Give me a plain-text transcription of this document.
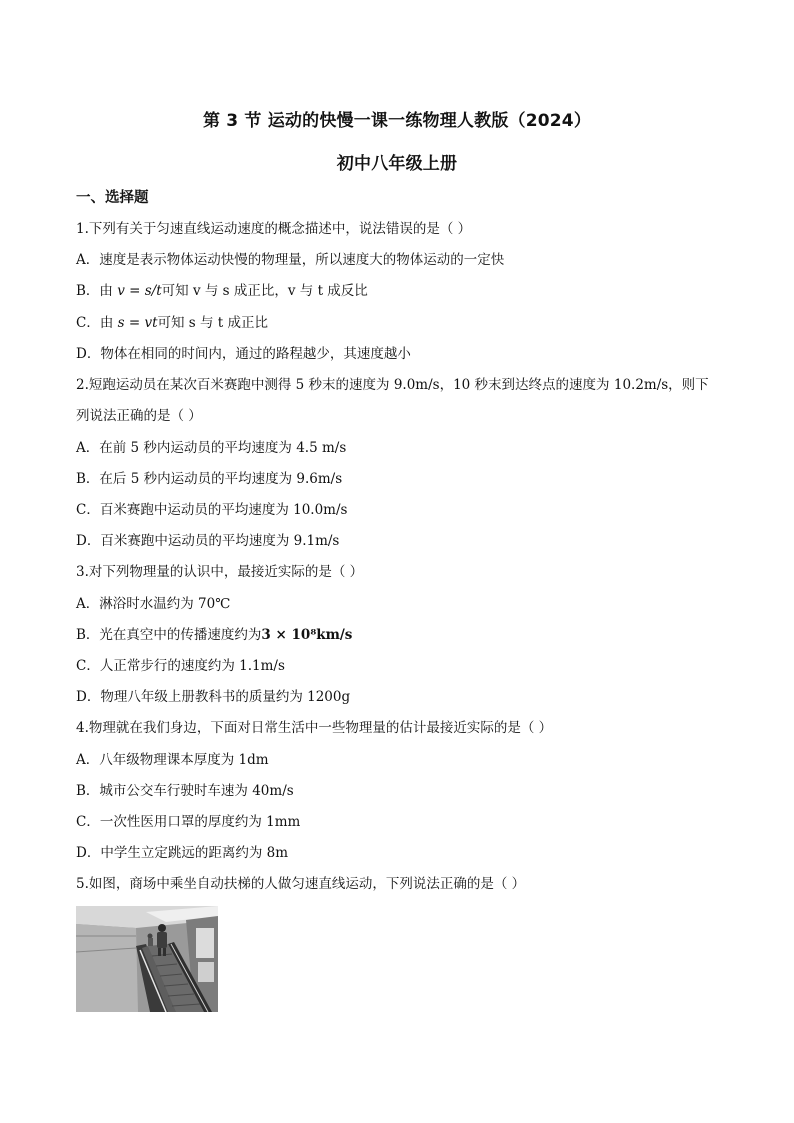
第 3 节 运动的快慢一课一练物理人教版（2024）
初中八年级上册
一、选择题
1.下列有关于匀速直线运动速度的概念描述中，说法错误的是（ ）
A．速度是表示物体运动快慢的物理量，所以速度大的物体运动的一定快
B．由 v = s/t可知 v 与 s 成正比，v 与 t 成反比
C．由 s = vt可知 s 与 t 成正比
D．物体在相同的时间内，通过的路程越少，其速度越小
2.短跑运动员在某次百米赛跑中测得 5 秒末的速度为 9.0m/s，10 秒末到达终点的速度为 10.2m/s，则下
列说法正确的是（ ）
A．在前 5 秒内运动员的平均速度为 4.5 m/s
B．在后 5 秒内运动员的平均速度为 9.6m/s
C．百米赛跑中运动员的平均速度为 10.0m/s
D．百米赛跑中运动员的平均速度为 9.1m/s
3.对下列物理量的认识中，最接近实际的是（ ）
A．淋浴时水温约为 70℃
B．光在真空中的传播速度约为3 × 10⁸km/s
C．人正常步行的速度约为 1.1m/s
D．物理八年级上册教科书的质量约为 1200g
4.物理就在我们身边，下面对日常生活中一些物理量的估计最接近实际的是（ ）
A．八年级物理课本厚度为 1dm
B．城市公交车行驶时车速为 40m/s
C．一次性医用口罩的厚度约为 1mm
D．中学生立定跳远的距离约为 8m
5.如图，商场中乘坐自动扶梯的人做匀速直线运动，下列说法正确的是（ ）
